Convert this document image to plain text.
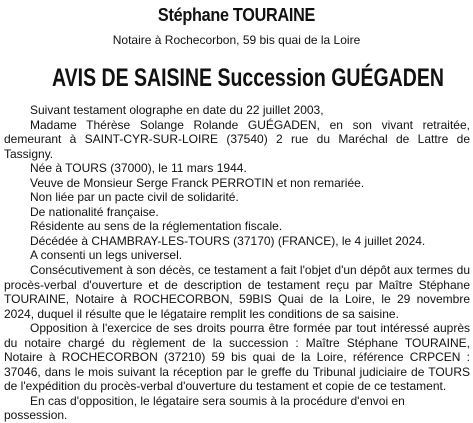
Stéphane TOURAINE
Notaire à Rochecorbon, 59 bis quai de la Loire
AVIS DE SAISINE Succession GUÉGADEN

Suivant testament olographe en date du 22 juillet 2003,

Madame Thérèse Solange Rolande GUÉGADEN, en son vivant retraitée, demeurant à SAINT-CYR-SUR-LOIRE (37540) 2 rue du Maréchal de Lattre de Tassigny.

Née à TOURS (37000), le 11 mars 1944.

Veuve de Monsieur Serge Franck PERROTIN et non remariée.

Non liée par un pacte civil de solidarité.

De nationalité française.

Résidente au sens de la réglementation fiscale.

Décédée à CHAMBRAY-LES-TOURS (37170) (FRANCE), le 4 juillet 2024.

A consenti un legs universel.

Consécutivement à son décès, ce testament a fait l'objet d'un dépôt aux termes du procès-verbal d'ouverture et de description de testament reçu par Maître Stéphane TOURAINE, Notaire à ROCHECORBON, 59BIS Quai de la Loire, le 29 novembre 2024, duquel il résulte que le légataire remplit les conditions de sa saisine.

Opposition à l'exercice de ses droits pourra être formée par tout intéressé auprès du notaire chargé du règlement de la succession : Maître Stéphane TOURAINE, Notaire à ROCHECORBON (37210) 59 bis quai de la Loire, référence CRPCEN : 37046, dans le mois suivant la réception par le greffe du Tribunal judiciaire de TOURS de l'expédition du procès-verbal d'ouverture du testament et copie de ce testament.

En cas d'opposition, le légataire sera soumis à la procédure d'envoi en possession.
